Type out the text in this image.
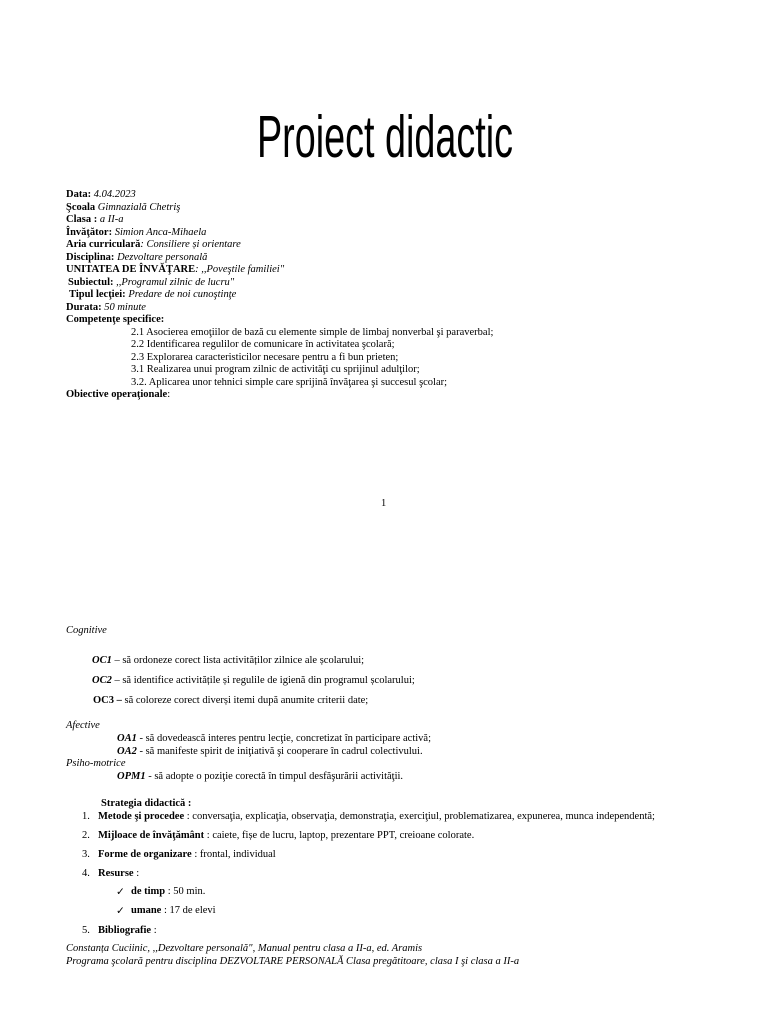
Proiect didactic
Data: 4.04.2023
Şcoala Gimnazială Chetriş
Clasa : a II-a
Învăţător: Simion Anca-Mihaela
Aria curriculară: Consiliere și orientare
Disciplina: Dezvoltare personală
UNITATEA DE ÎNVĂŢARE: ,,Poveştile familiei"
Subiectul: ,,Programul zilnic de lucru"
Tipul lecţiei: Predare de noi cunoştinţe
Durata: 50 minute
Competenţe specifice:
2.1 Asocierea emoţiilor de bază cu elemente simple de limbaj nonverbal şi paraverbal;
2.2 Identificarea regulilor de comunicare în activitatea şcolară;
2.3 Explorarea caracteristicilor necesare pentru a fi bun prieten;
3.1 Realizarea unui program zilnic de activităţi cu sprijinul adulţilor;
3.2. Aplicarea unor tehnici simple care sprijină învăţarea şi succesul şcolar;
Obiective operaţionale:
1
Cognitive
OC1 – să ordoneze corect lista activităților zilnice ale școlarului;
OC2 – să identifice activitățile și regulile de igienă din programul școlarului;
OC3 – să coloreze corect diverși itemi după anumite criterii date;
Afective
OA1 - să dovedească interes pentru lecţie, concretizat în participare activă;
OA2 - să manifeste spirit de iniţiativă şi cooperare în cadrul colectivului.
Psiho-motrice
OPM1 - să adopte o poziţie corectă în timpul desfăşurării activităţii.
Strategia didactică :
1. Metode şi procedee : conversaţia, explicaţia, observaţia, demonstraţia, exerciţiul, problematizarea, expunerea, munca independentă;
2. Mijloace de învăţământ : caiete, fișe de lucru, laptop, prezentare PPT, creioane colorate.
3. Forme de organizare : frontal, individual
4. Resurse :
✓ de timp : 50 min.
✓ umane : 17 de elevi
5. Bibliografie :
Constanța Cuciinic, ,,Dezvoltare personală", Manual pentru clasa a II-a, ed. Aramis
Programa şcolară pentru disciplina DEZVOLTARE PERSONALĂ Clasa pregătitoare, clasa I şi clasa a II-a
